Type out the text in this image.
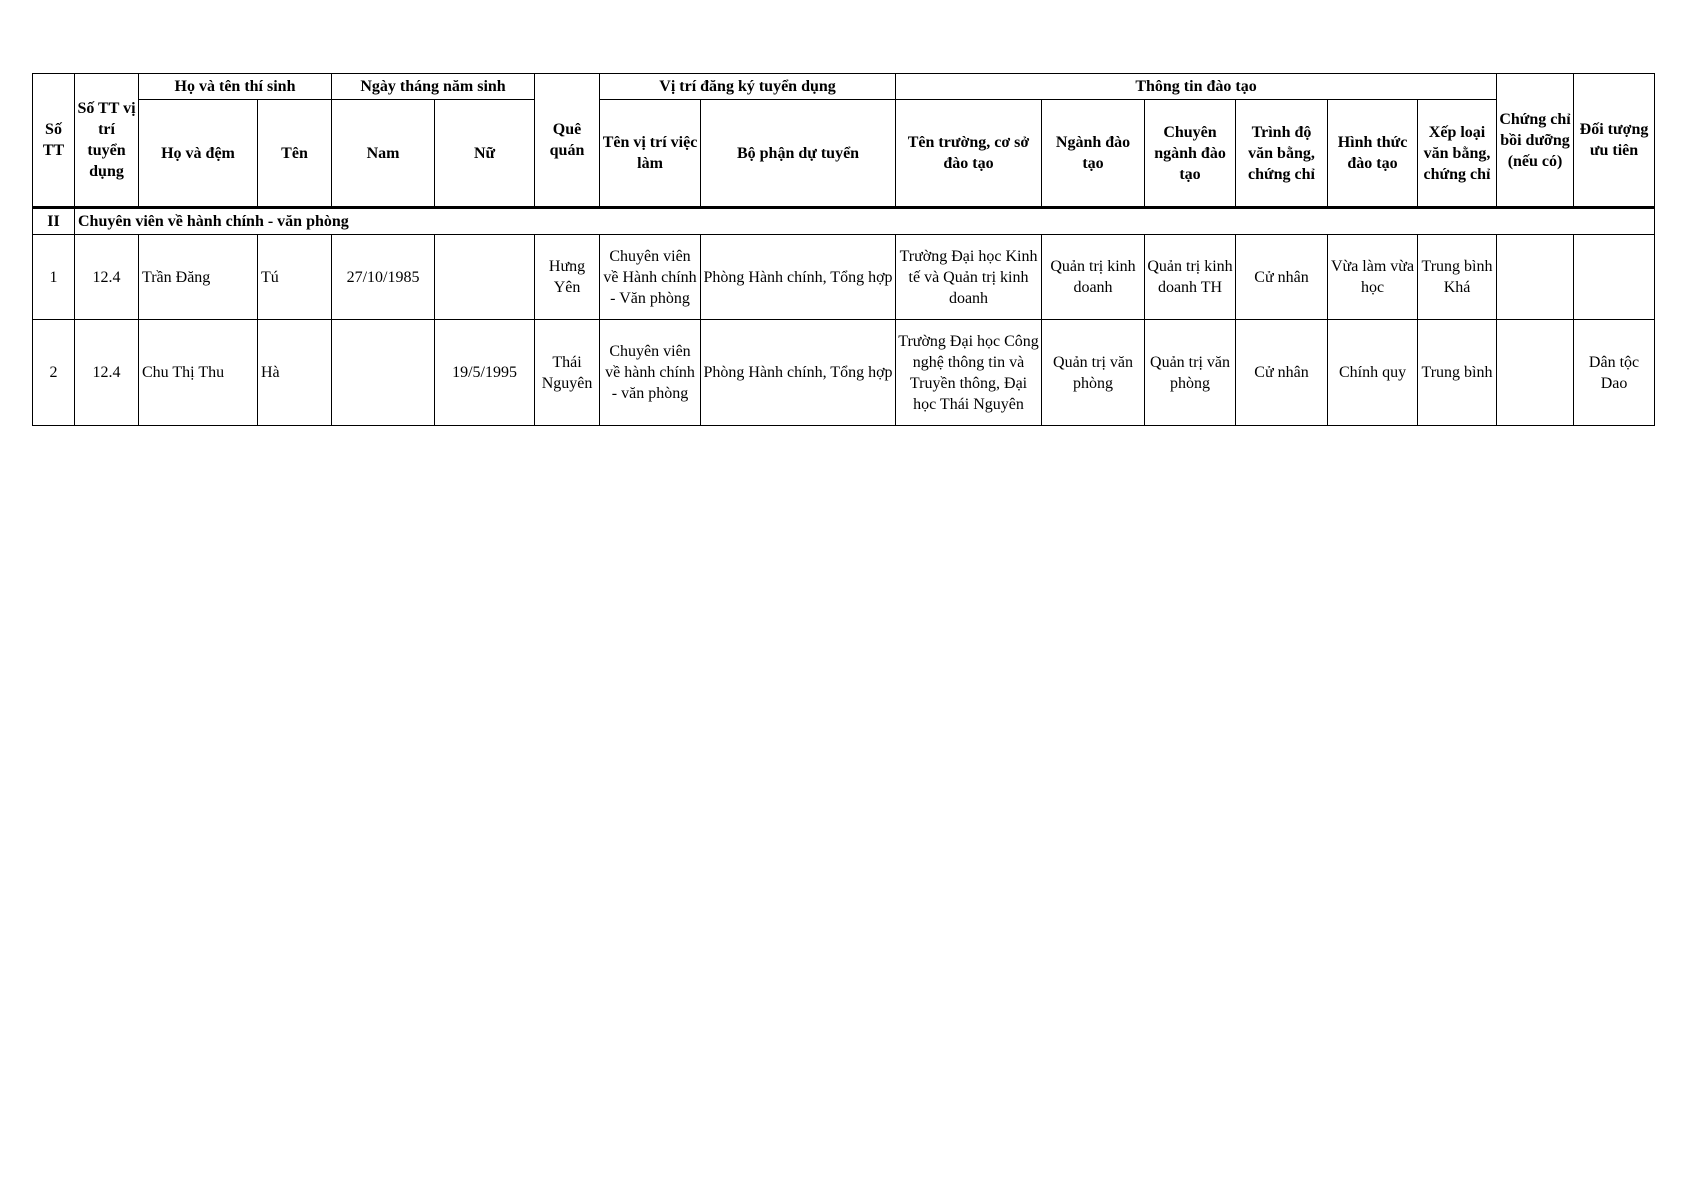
Số TT	Số TT vị trí tuyển dụng	Họ và tên thí sinh		Ngày tháng năm sinh		Quê quán	Vị trí đăng ký tuyển dụng		Thông tin đào tạo						Chứng chỉ bồi dưỡng (nếu có)	Đối tượng ưu tiên
		Họ và đệm	Tên	Nam	Nữ		Tên vị trí việc làm	Bộ phận dự tuyển	Tên trường, cơ sở đào tạo	Ngành đào tạo	Chuyên ngành đào tạo	Trình độ văn bằng, chứng chỉ	Hình thức đào tạo	Xếp loại văn bằng, chứng chỉ		
II	Chuyên viên về hành chính - văn phòng															
1	12.4	Trần Đăng	Tú	27/10/1985		Hưng Yên	Chuyên viên về Hành chính - Văn phòng	Phòng Hành chính, Tổng hợp	Trường Đại học Kinh tế và Quản trị kinh doanh	Quản trị kinh doanh	Quản trị kinh doanh TH	Cử nhân	Vừa làm vừa học	Trung bình Khá		
2	12.4	Chu Thị Thu	Hà		19/5/1995	Thái Nguyên	Chuyên viên về hành chính - văn phòng	Phòng Hành chính, Tổng hợp	Trường Đại học Công nghệ thông tin và Truyền thông, Đại học Thái Nguyên	Quản trị văn phòng	Quản trị văn phòng	Cử nhân	Chính quy	Trung bình		Dân tộc Dao
